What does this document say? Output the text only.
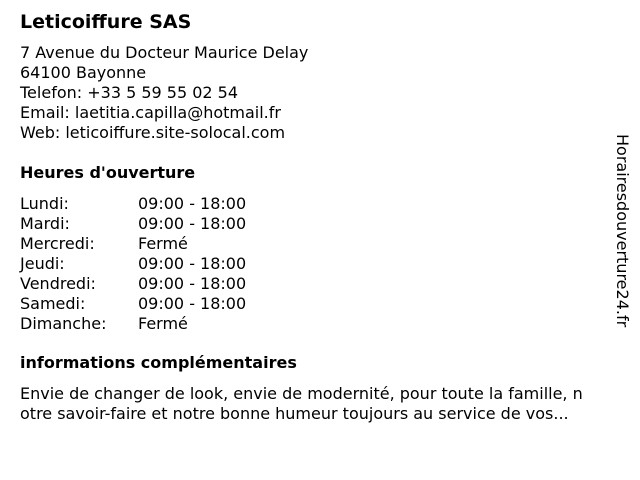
Leticoiffure SAS
7 Avenue du Docteur Maurice Delay
64100 Bayonne
Telefon: +33 5 59 55 02 54
Email: laetitia.capilla@hotmail.fr
Web: leticoiffure.site-solocal.com
Heures d'ouverture
Lundi:	09:00 - 18:00
Mardi:	09:00 - 18:00
Mercredi:	Fermé
Jeudi:	09:00 - 18:00
Vendredi:	09:00 - 18:00
Samedi:	09:00 - 18:00
Dimanche:	Fermé
informations complémentaires
Envie de changer de look, envie de modernité, pour toute la famille, n
otre savoir-faire et notre bonne humeur toujours au service de vos...
Horairesdouverture24.fr
